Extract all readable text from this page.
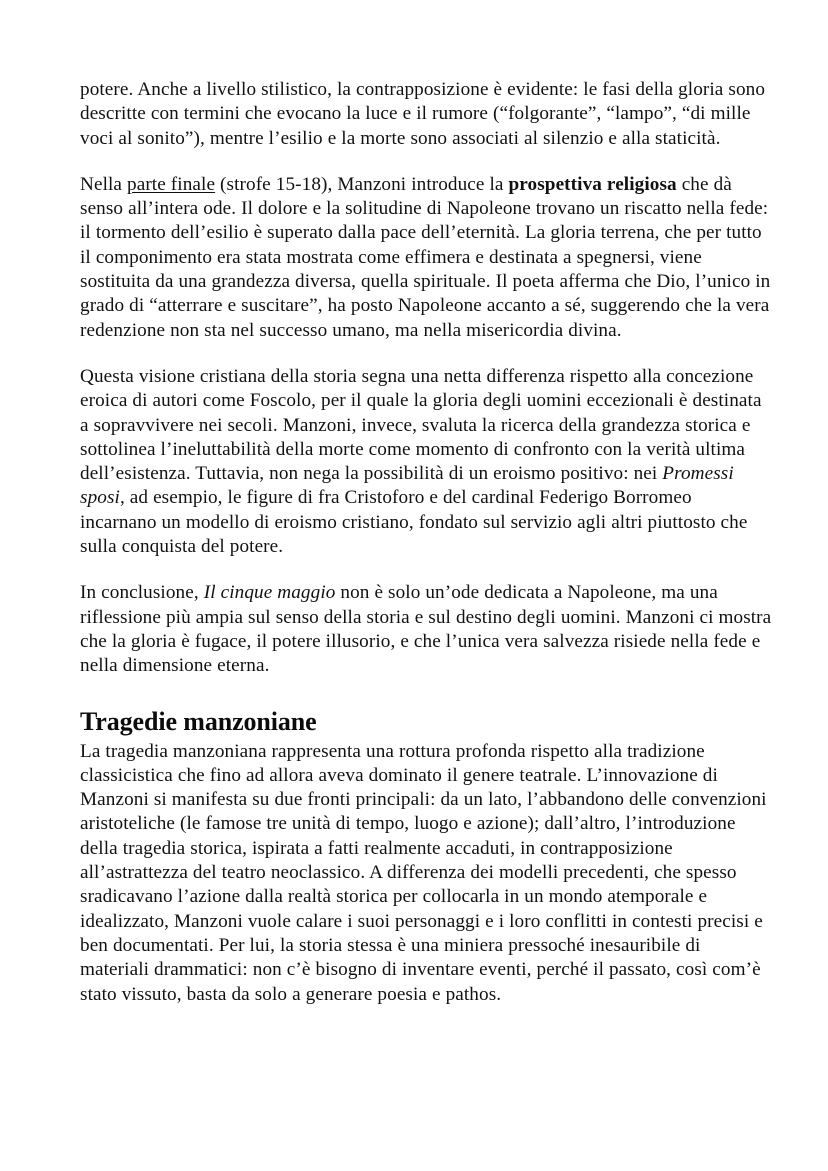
potere. Anche a livello stilistico, la contrapposizione è evidente: le fasi della gloria sono descritte con termini che evocano la luce e il rumore (“folgorante”, “lampo”, “di mille voci al sonito”), mentre l’esilio e la morte sono associati al silenzio e alla staticità.

Nella parte finale (strofe 15-18), Manzoni introduce la prospettiva religiosa che dà senso all’intera ode. Il dolore e la solitudine di Napoleone trovano un riscatto nella fede: il tormento dell’esilio è superato dalla pace dell’eternità. La gloria terrena, che per tutto il componimento era stata mostrata come effimera e destinata a spegnersi, viene sostituita da una grandezza diversa, quella spirituale. Il poeta afferma che Dio, l’unico in grado di “atterrare e suscitare”, ha posto Napoleone accanto a sé, suggerendo che la vera redenzione non sta nel successo umano, ma nella misericordia divina.

Questa visione cristiana della storia segna una netta differenza rispetto alla concezione eroica di autori come Foscolo, per il quale la gloria degli uomini eccezionali è destinata a sopravvivere nei secoli. Manzoni, invece, svaluta la ricerca della grandezza storica e sottolinea l’ineluttabilità della morte come momento di confronto con la verità ultima dell’esistenza. Tuttavia, non nega la possibilità di un eroismo positivo: nei Promessi sposi, ad esempio, le figure di fra Cristoforo e del cardinal Federigo Borromeo incarnano un modello di eroismo cristiano, fondato sul servizio agli altri piuttosto che sulla conquista del potere.

In conclusione, Il cinque maggio non è solo un’ode dedicata a Napoleone, ma una riflessione più ampia sul senso della storia e sul destino degli uomini. Manzoni ci mostra che la gloria è fugace, il potere illusorio, e che l’unica vera salvezza risiede nella fede e nella dimensione eterna.

Tragedie manzoniane

La tragedia manzoniana rappresenta una rottura profonda rispetto alla tradizione classicistica che fino ad allora aveva dominato il genere teatrale. L’innovazione di Manzoni si manifesta su due fronti principali: da un lato, l’abbandono delle convenzioni aristoteliche (le famose tre unità di tempo, luogo e azione); dall’altro, l’introduzione della tragedia storica, ispirata a fatti realmente accaduti, in contrapposizione all’astrattezza del teatro neoclassico. A differenza dei modelli precedenti, che spesso sradicavano l’azione dalla realtà storica per collocarla in un mondo atemporale e idealizzato, Manzoni vuole calare i suoi personaggi e i loro conflitti in contesti precisi e ben documentati. Per lui, la storia stessa è una miniera pressoché inesauribile di materiali drammatici: non c’è bisogno di inventare eventi, perché il passato, così com’è stato vissuto, basta da solo a generare poesia e pathos.
